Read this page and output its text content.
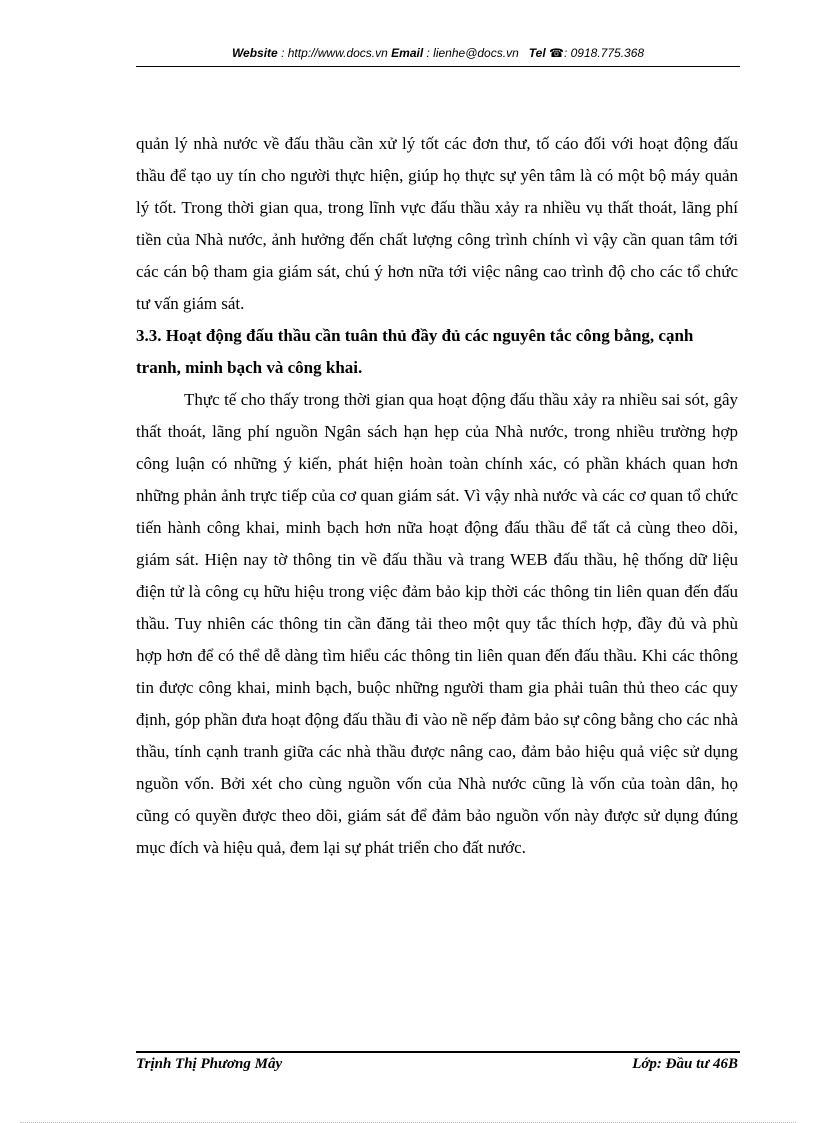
Website : http://www.docs.vn Email : lienhe@docs.vn Tel ☎: 0918.775.368

quản lý nhà nước về đấu thầu cần xử lý tốt các đơn thư, tố cáo đối với hoạt động đấu thầu để tạo uy tín cho người thực hiện, giúp họ thực sự yên tâm là có một bộ máy quản lý tốt. Trong thời gian qua, trong lĩnh vực đấu thầu xảy ra nhiều vụ thất thoát, lãng phí tiền của Nhà nước, ảnh hưởng đến chất lượng công trình chính vì vậy cần quan tâm tới các cán bộ tham gia giám sát, chú ý hơn nữa tới việc nâng cao trình độ cho các tổ chức tư vấn giám sát.

3.3. Hoạt động đấu thầu cần tuân thủ đầy đủ các nguyên tắc công bằng, cạnh tranh, minh bạch và công khai.

Thực tế cho thấy trong thời gian qua hoạt động đấu thầu xảy ra nhiều sai sót, gây thất thoát, lãng phí nguồn Ngân sách hạn hẹp của Nhà nước, trong nhiều trường hợp công luận có những ý kiến, phát hiện hoàn toàn chính xác, có phần khách quan hơn những phản ảnh trực tiếp của cơ quan giám sát. Vì vậy nhà nước và các cơ quan tổ chức tiến hành công khai, minh bạch hơn nữa hoạt động đấu thầu để tất cả cùng theo dõi, giám sát. Hiện nay tờ thông tin về đấu thầu và trang WEB đấu thầu, hệ thống dữ liệu điện tử là công cụ hữu hiệu trong việc đảm bảo kịp thời các thông tin liên quan đến đấu thầu. Tuy nhiên các thông tin cần đăng tải theo một quy tắc thích hợp, đầy đủ và phù hợp hơn để có thể dễ dàng tìm hiểu các thông tin liên quan đến đấu thầu. Khi các thông tin được công khai, minh bạch, buộc những người tham gia phải tuân thủ theo các quy định, góp phần đưa hoạt động đấu thầu đi vào nề nếp đảm bảo sự công bằng cho các nhà thầu, tính cạnh tranh giữa các nhà thầu được nâng cao, đảm bảo hiệu quả việc sử dụng nguồn vốn. Bởi xét cho cùng nguồn vốn của Nhà nước cũng là vốn của toàn dân, họ cũng có quyền được theo dõi, giám sát để đảm bảo nguồn vốn này được sử dụng đúng mục đích và hiệu quả, đem lại sự phát triển cho đất nước.

Trịnh Thị Phương Mây	Lớp: Đầu tư 46B
